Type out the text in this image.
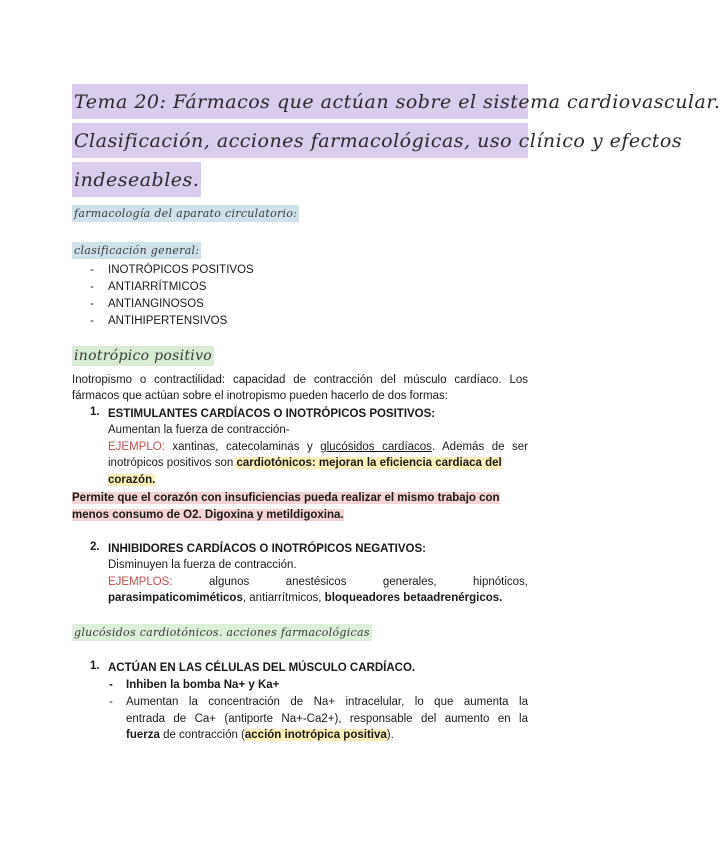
Tema 20: Fármacos que actúan sobre el sistema cardiovascular.
Clasificación, acciones farmacológicas, uso clínico y efectos
indeseables.
farmacología del aparato circulatorio:
clasificación general:
- INOTRÓPICOS POSITIVOS
- ANTIARRÍTMICOS
- ANTIANGINOSOS
- ANTIHIPERTENSIVOS
inotrópico positivo
Inotropismo o contractilidad: capacidad de contracción del músculo cardíaco. Los
fármacos que actúan sobre el inotropismo pueden hacerlo de dos formas:
1. ESTIMULANTES CARDÍACOS O INOTRÓPICOS POSITIVOS:
Aumentan la fuerza de contracción-
EJEMPLO: xantinas, catecolaminas y glucósidos cardíacos. Además de ser
inotrópicos positivos son cardiotónicos: mejoran la eficiencia cardiaca del
corazón.
Permite que el corazón con insuficiencias pueda realizar el mismo trabajo con
menos consumo de O2. Digoxina y metildigoxina.
2. INHIBIDORES CARDÍACOS O INOTRÓPICOS NEGATIVOS:
Disminuyen la fuerza de contracción.
EJEMPLOS: algunos anestésicos generales, hipnóticos,
parasimpaticomiméticos, antiarrítmicos, bloqueadores betaadrenérgicos.
glucósidos cardiotónicos. acciones farmacológicas
1. ACTÚAN EN LAS CÉLULAS DEL MÚSCULO CARDÍACO.
- Inhiben la bomba Na+ y Ka+
- Aumentan la concentración de Na+ intracelular, lo que aumenta la
entrada de Ca+ (antiporte Na+-Ca2+), responsable del aumento en la
fuerza de contracción (acción inotrópica positiva).
